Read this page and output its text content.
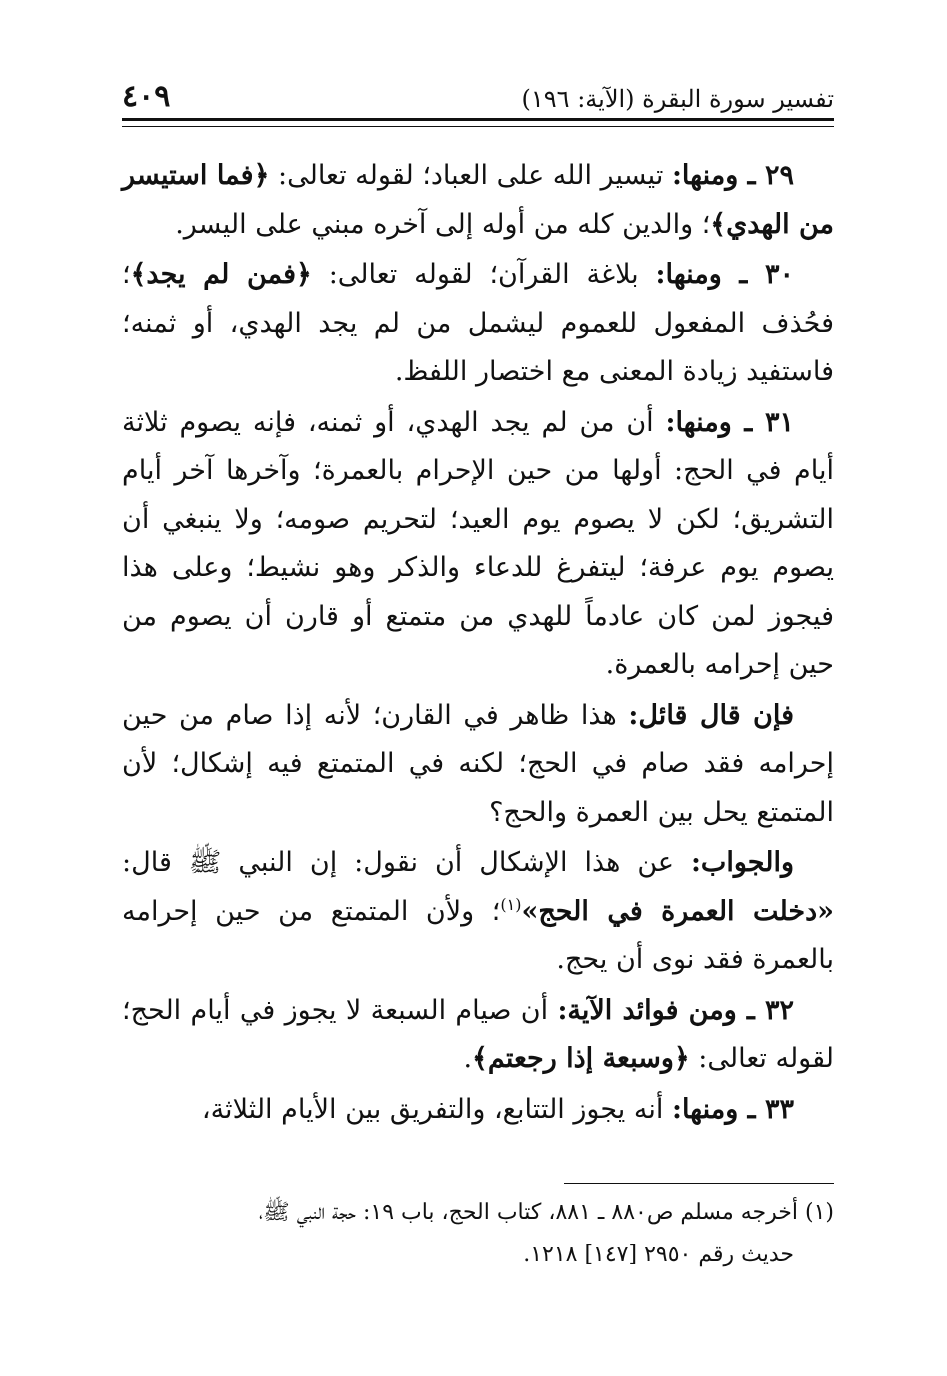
تفسير سورة البقرة (الآية: ١٩٦)
٤٠٩

٢٩ ـ ومنها: تيسير الله على العباد؛ لقوله تعالى: ﴿فما استيسر من الهدي﴾؛ والدين كله من أوله إلى آخره مبني على اليسر.

٣٠ ـ ومنها: بلاغة القرآن؛ لقوله تعالى: ﴿فمن لم يجد﴾؛ فحُذف المفعول للعموم ليشمل من لم يجد الهدي، أو ثمنه؛ فاستفيد زيادة المعنى مع اختصار اللفظ.

٣١ ـ ومنها: أن من لم يجد الهدي، أو ثمنه، فإنه يصوم ثلاثة أيام في الحج: أولها من حين الإحرام بالعمرة؛ وآخرها آخر أيام التشريق؛ لكن لا يصوم يوم العيد؛ لتحريم صومه؛ ولا ينبغي أن يصوم يوم عرفة؛ ليتفرغ للدعاء والذكر وهو نشيط؛ وعلى هذا فيجوز لمن كان عادماً للهدي من متمتع أو قارن أن يصوم من حين إحرامه بالعمرة.

فإن قال قائل: هذا ظاهر في القارن؛ لأنه إذا صام من حين إحرامه فقد صام في الحج؛ لكنه في المتمتع فيه إشكال؛ لأن المتمتع يحل بين العمرة والحج؟

والجواب: عن هذا الإشكال أن نقول: إن النبي ﷺ قال: «دخلت العمرة في الحج»$^{(١)}$؛ ولأن المتمتع من حين إحرامه بالعمرة فقد نوى أن يحج.

٣٢ ـ ومن فوائد الآية: أن صيام السبعة لا يجوز في أيام الحج؛ لقوله تعالى: ﴿وسبعة إذا رجعتم﴾.

٣٣ ـ ومنها: أنه يجوز التتابع، والتفريق بين الأيام الثلاثة،

(١) أخرجه مسلم ص٨٨٠ ـ ٨٨١، كتاب الحج، باب ١٩: حجة النبي ﷺ،

حديث رقم ٢٩٥٠ [١٤٧] ١٢١٨.
